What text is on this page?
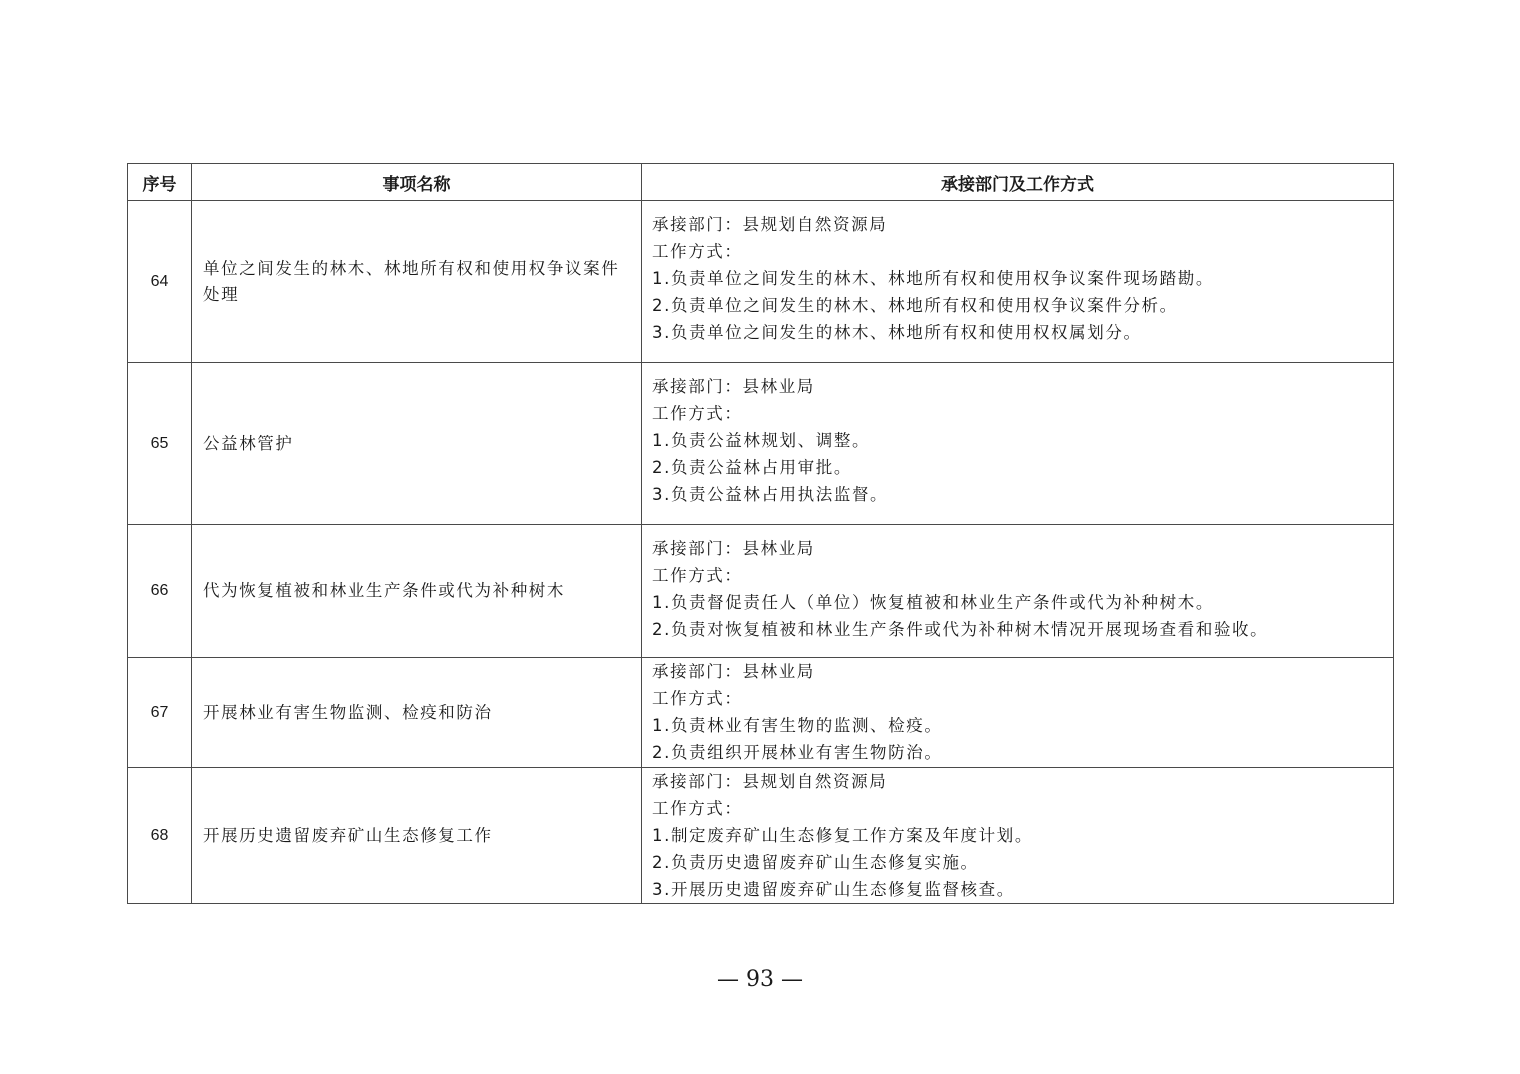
序号	事项名称	承接部门及工作方式
64	单位之间发生的林木、林地所有权和使用权争议案件处理	承接部门：县规划自然资源局
工作方式：
1.负责单位之间发生的林木、林地所有权和使用权争议案件现场踏勘。
2.负责单位之间发生的林木、林地所有权和使用权争议案件分析。
3.负责单位之间发生的林木、林地所有权和使用权权属划分。

65	公益林管护	承接部门：县林业局
工作方式：
1.负责公益林规划、调整。
2.负责公益林占用审批。
3.负责公益林占用执法监督。

66	代为恢复植被和林业生产条件或代为补种树木	承接部门：县林业局
工作方式：
1.负责督促责任人（单位）恢复植被和林业生产条件或代为补种树木。
2.负责对恢复植被和林业生产条件或代为补种树木情况开展现场查看和验收。

67	开展林业有害生物监测、检疫和防治	承接部门：县林业局
工作方式：
1.负责林业有害生物的监测、检疫。
2.负责组织开展林业有害生物防治。

68	开展历史遗留废弃矿山生态修复工作	承接部门：县规划自然资源局
工作方式：
1.制定废弃矿山生态修复工作方案及年度计划。
2.负责历史遗留废弃矿山生态修复实施。
3.开展历史遗留废弃矿山生态修复监督核查。
— 93 —
